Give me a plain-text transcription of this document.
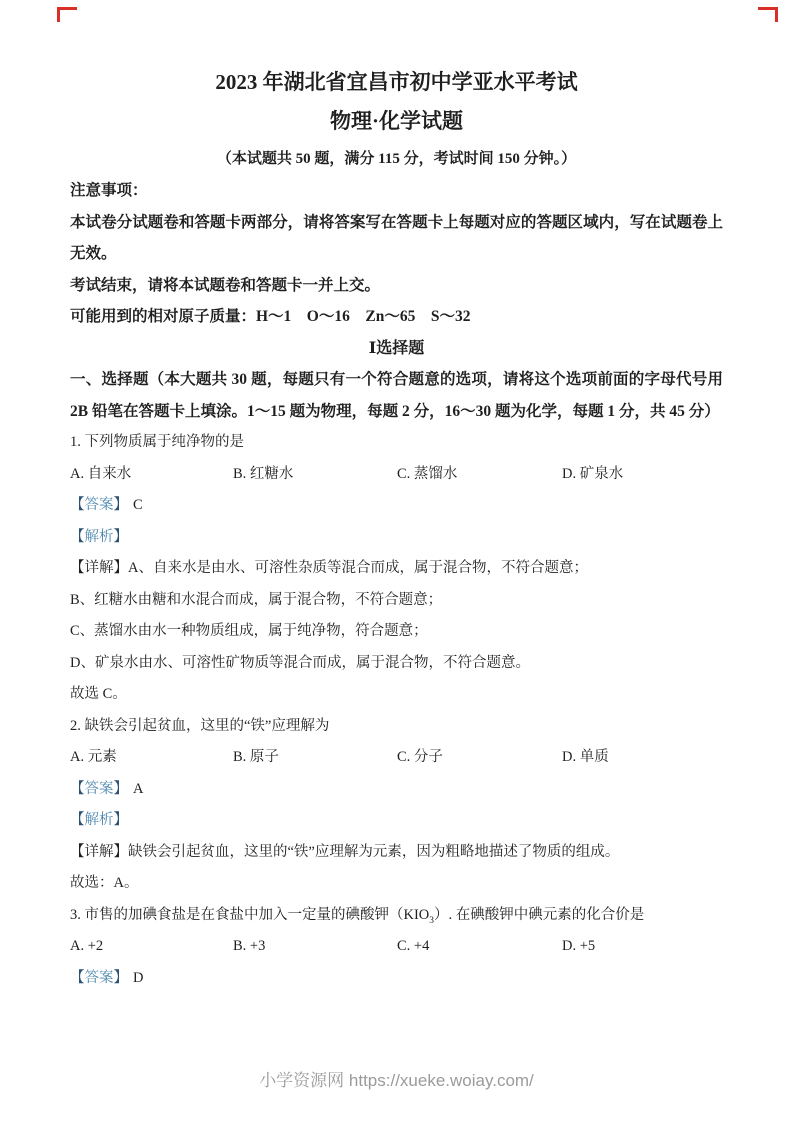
2023 年湖北省宜昌市初中学亚水平考试
物理·化学试题
（本试题共 50 题，满分 115 分，考试时间 150 分钟。）
注意事项：

本试卷分试题卷和答题卡两部分，请将答案写在答题卡上每题对应的答题区域内，写在试题卷上无效。

考试结束，请将本试题卷和答题卡一并上交。

可能用到的相对原子质量：H～1　O～16　Zn～65　S～32

Ⅰ选择题

一、选择题（本大题共 30 题，每题只有一个符合题意的选项，请将这个选项前面的字母代号用 2B 铅笔在答题卡上填涂。1～15 题为物理，每题 2 分，16～30 题为化学，每题 1 分，共 45 分）

1. 下列物质属于纯净物的是
A. 自来水	B. 红糖水	C. 蒸馏水	D. 矿泉水
【答案】 C
【解析】
【详解】A、自来水是由水、可溶性杂质等混合而成，属于混合物，不符合题意；
B、红糖水由糖和水混合而成，属于混合物，不符合题意；
C、蒸馏水由水一种物质组成，属于纯净物，符合题意；
D、矿泉水由水、可溶性矿物质等混合而成，属于混合物，不符合题意。
故选 C。
2. 缺铁会引起贫血，这里的“铁”应理解为
A. 元素	B. 原子	C. 分子	D. 单质
【答案】 A
【解析】
【详解】缺铁会引起贫血，这里的“铁”应理解为元素，因为粗略地描述了物质的组成。
故选：A。
3. 市售的加碘食盐是在食盐中加入一定量的碘酸钾$(KIO_3)$. 在碘酸钾中碘元素的化合价是
A. +2	B. +3	C. +4	D. +5
【答案】 D
小学资源网 https://xueke.woiay.com/
